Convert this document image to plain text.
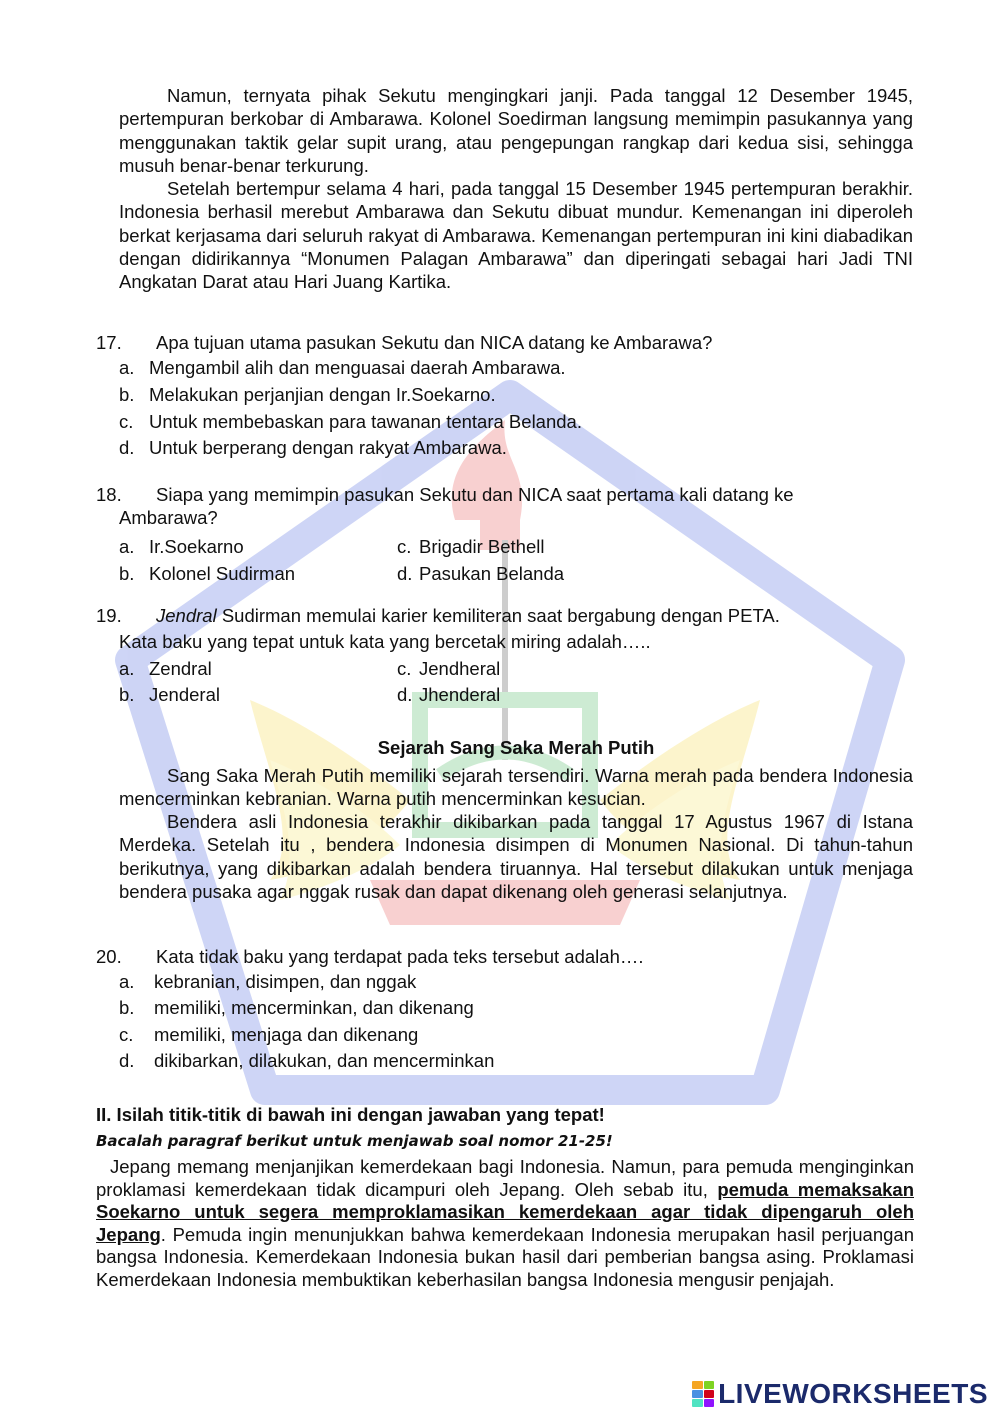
Namun, ternyata pihak Sekutu mengingkari janji. Pada tanggal 12 Desember 1945, pertempuran berkobar di Ambarawa. Kolonel Soedirman langsung memimpin pasukannya yang menggunakan taktik gelar supit urang, atau pengepungan rangkap dari kedua sisi, sehingga musuh benar-benar terkurung.

Setelah bertempur selama 4 hari, pada tanggal 15 Desember 1945 pertempuran berakhir. Indonesia berhasil merebut Ambarawa dan Sekutu dibuat mundur. Kemenangan ini diperoleh berkat kerjasama dari seluruh rakyat di Ambarawa. Kemenangan pertempuran ini kini diabadikan dengan didirikannya “Monumen Palagan Ambarawa” dan diperingati sebagai hari Jadi TNI Angkatan Darat atau Hari Juang Kartika.

17. Apa tujuan utama pasukan Sekutu dan NICA datang ke Ambarawa?

a. Mengambil alih dan menguasai daerah Ambarawa.

b. Melakukan perjanjian dengan Ir.Soekarno.

c. Untuk membebaskan para tawanan tentara Belanda.

d. Untuk berperang dengan rakyat Ambarawa.

18. Siapa yang memimpin pasukan Sekutu dan NICA saat pertama kali datang ke
Ambarawa?

a. Ir.Soekarno	c. Brigadir Bethell

b. Kolonel Sudirman	d. Pasukan Belanda

19. Jendral Sudirman memulai karier kemiliteran saat bergabung dengan PETA.

Kata baku yang tepat untuk kata yang bercetak miring adalah…..

a. Zendral	c. Jendheral

b. Jenderal	d. Jhenderal

Sejarah Sang Saka Merah Putih

Sang Saka Merah Putih memiliki sejarah tersendiri. Warna merah pada bendera Indonesia mencerminkan kebranian. Warna putih mencerminkan kesucian.

Bendera asli Indonesia terakhir dikibarkan pada tanggal 17 Agustus 1967 di Istana Merdeka. Setelah itu , bendera Indonesia disimpen di Monumen Nasional. Di tahun-tahun berikutnya, yang dikibarkan adalah bendera tiruannya. Hal tersebut dilakukan untuk menjaga bendera pusaka agar nggak rusak dan dapat dikenang oleh generasi selanjutnya.

20. Kata tidak baku yang terdapat pada teks tersebut adalah….

a. kebranian, disimpen, dan nggak

b. memiliki, mencerminkan, dan dikenang

c. memiliki, menjaga dan dikenang

d. dikibarkan, dilakukan, dan mencerminkan

II. Isilah titik-titik di bawah ini dengan jawaban yang tepat!

Bacalah paragraf berikut untuk menjawab soal nomor 21-25!

Jepang memang menjanjikan kemerdekaan bagi Indonesia. Namun, para pemuda menginginkan proklamasi kemerdekaan tidak dicampuri oleh Jepang. Oleh sebab itu, pemuda memaksakan Soekarno untuk segera memproklamasikan kemerdekaan agar tidak dipengaruh oleh Jepang. Pemuda ingin menunjukkan bahwa kemerdekaan Indonesia merupakan hasil perjuangan bangsa Indonesia. Kemerdekaan Indonesia bukan hasil dari pemberian bangsa asing. Proklamasi Kemerdekaan Indonesia membuktikan keberhasilan bangsa Indonesia mengusir penjajah.

LIVEWORKSHEETS
